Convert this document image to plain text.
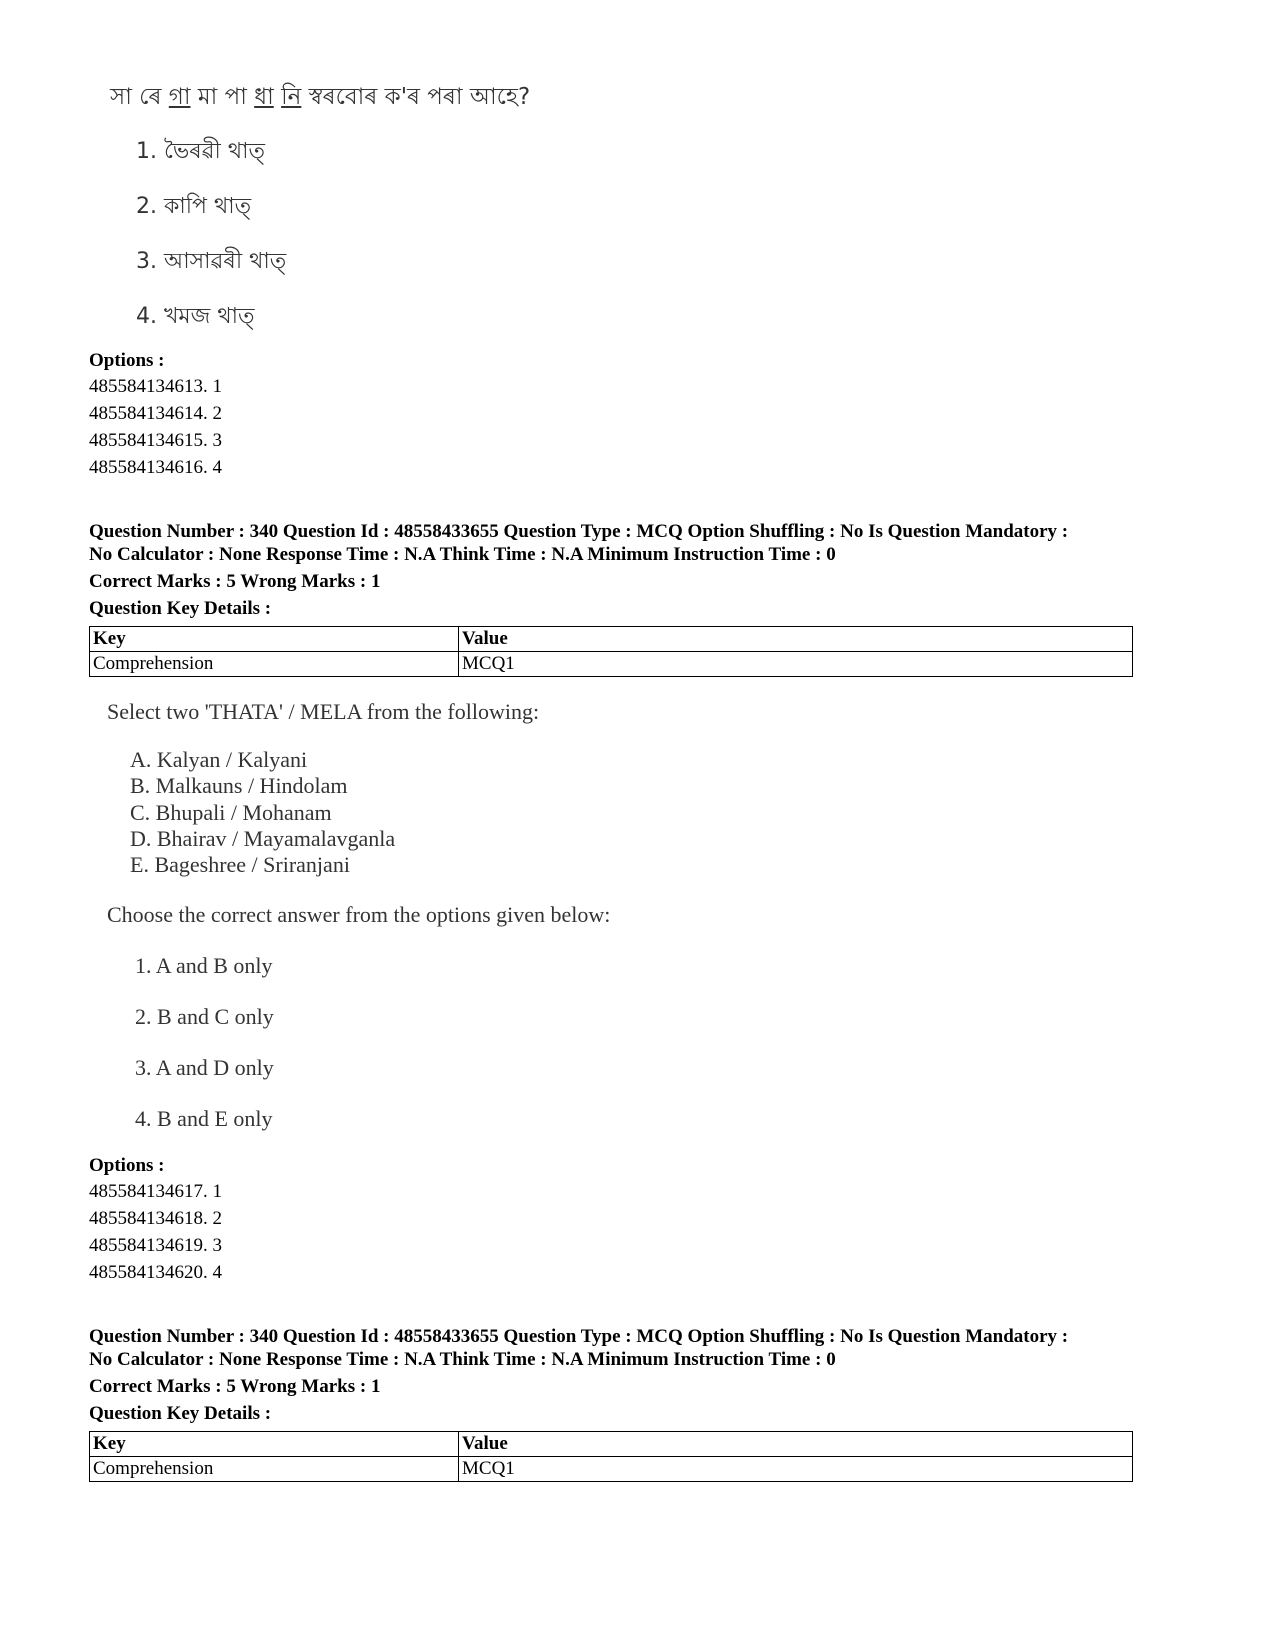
সা ৰে গা মা পা ধা নি স্বৰবোৰ ক'ৰ পৰা আহে?
1. ভৈৰৱী থাত্
2. কাপি থাত্
3. আসাৱৰী থাত্
4. খমজ থাত্
Options :
485584134613. 1
485584134614. 2
485584134615. 3
485584134616. 4
Question Number : 340 Question Id : 48558433655 Question Type : MCQ Option Shuffling : No Is Question Mandatory :
No Calculator : None Response Time : N.A Think Time : N.A Minimum Instruction Time : 0
Correct Marks : 5 Wrong Marks : 1
Question Key Details :
Key	Value
Comprehension	MCQ1
Select two 'THATA' / MELA from the following:
A. Kalyan / Kalyani
B. Malkauns / Hindolam
C. Bhupali / Mohanam
D. Bhairav / Mayamalavganla
E. Bageshree / Sriranjani
Choose the correct answer from the options given below:
1. A and B only
2. B and C only
3. A and D only
4. B and E only
Options :
485584134617. 1
485584134618. 2
485584134619. 3
485584134620. 4
Question Number : 340 Question Id : 48558433655 Question Type : MCQ Option Shuffling : No Is Question Mandatory :
No Calculator : None Response Time : N.A Think Time : N.A Minimum Instruction Time : 0
Correct Marks : 5 Wrong Marks : 1
Question Key Details :
Key	Value
Comprehension	MCQ1
